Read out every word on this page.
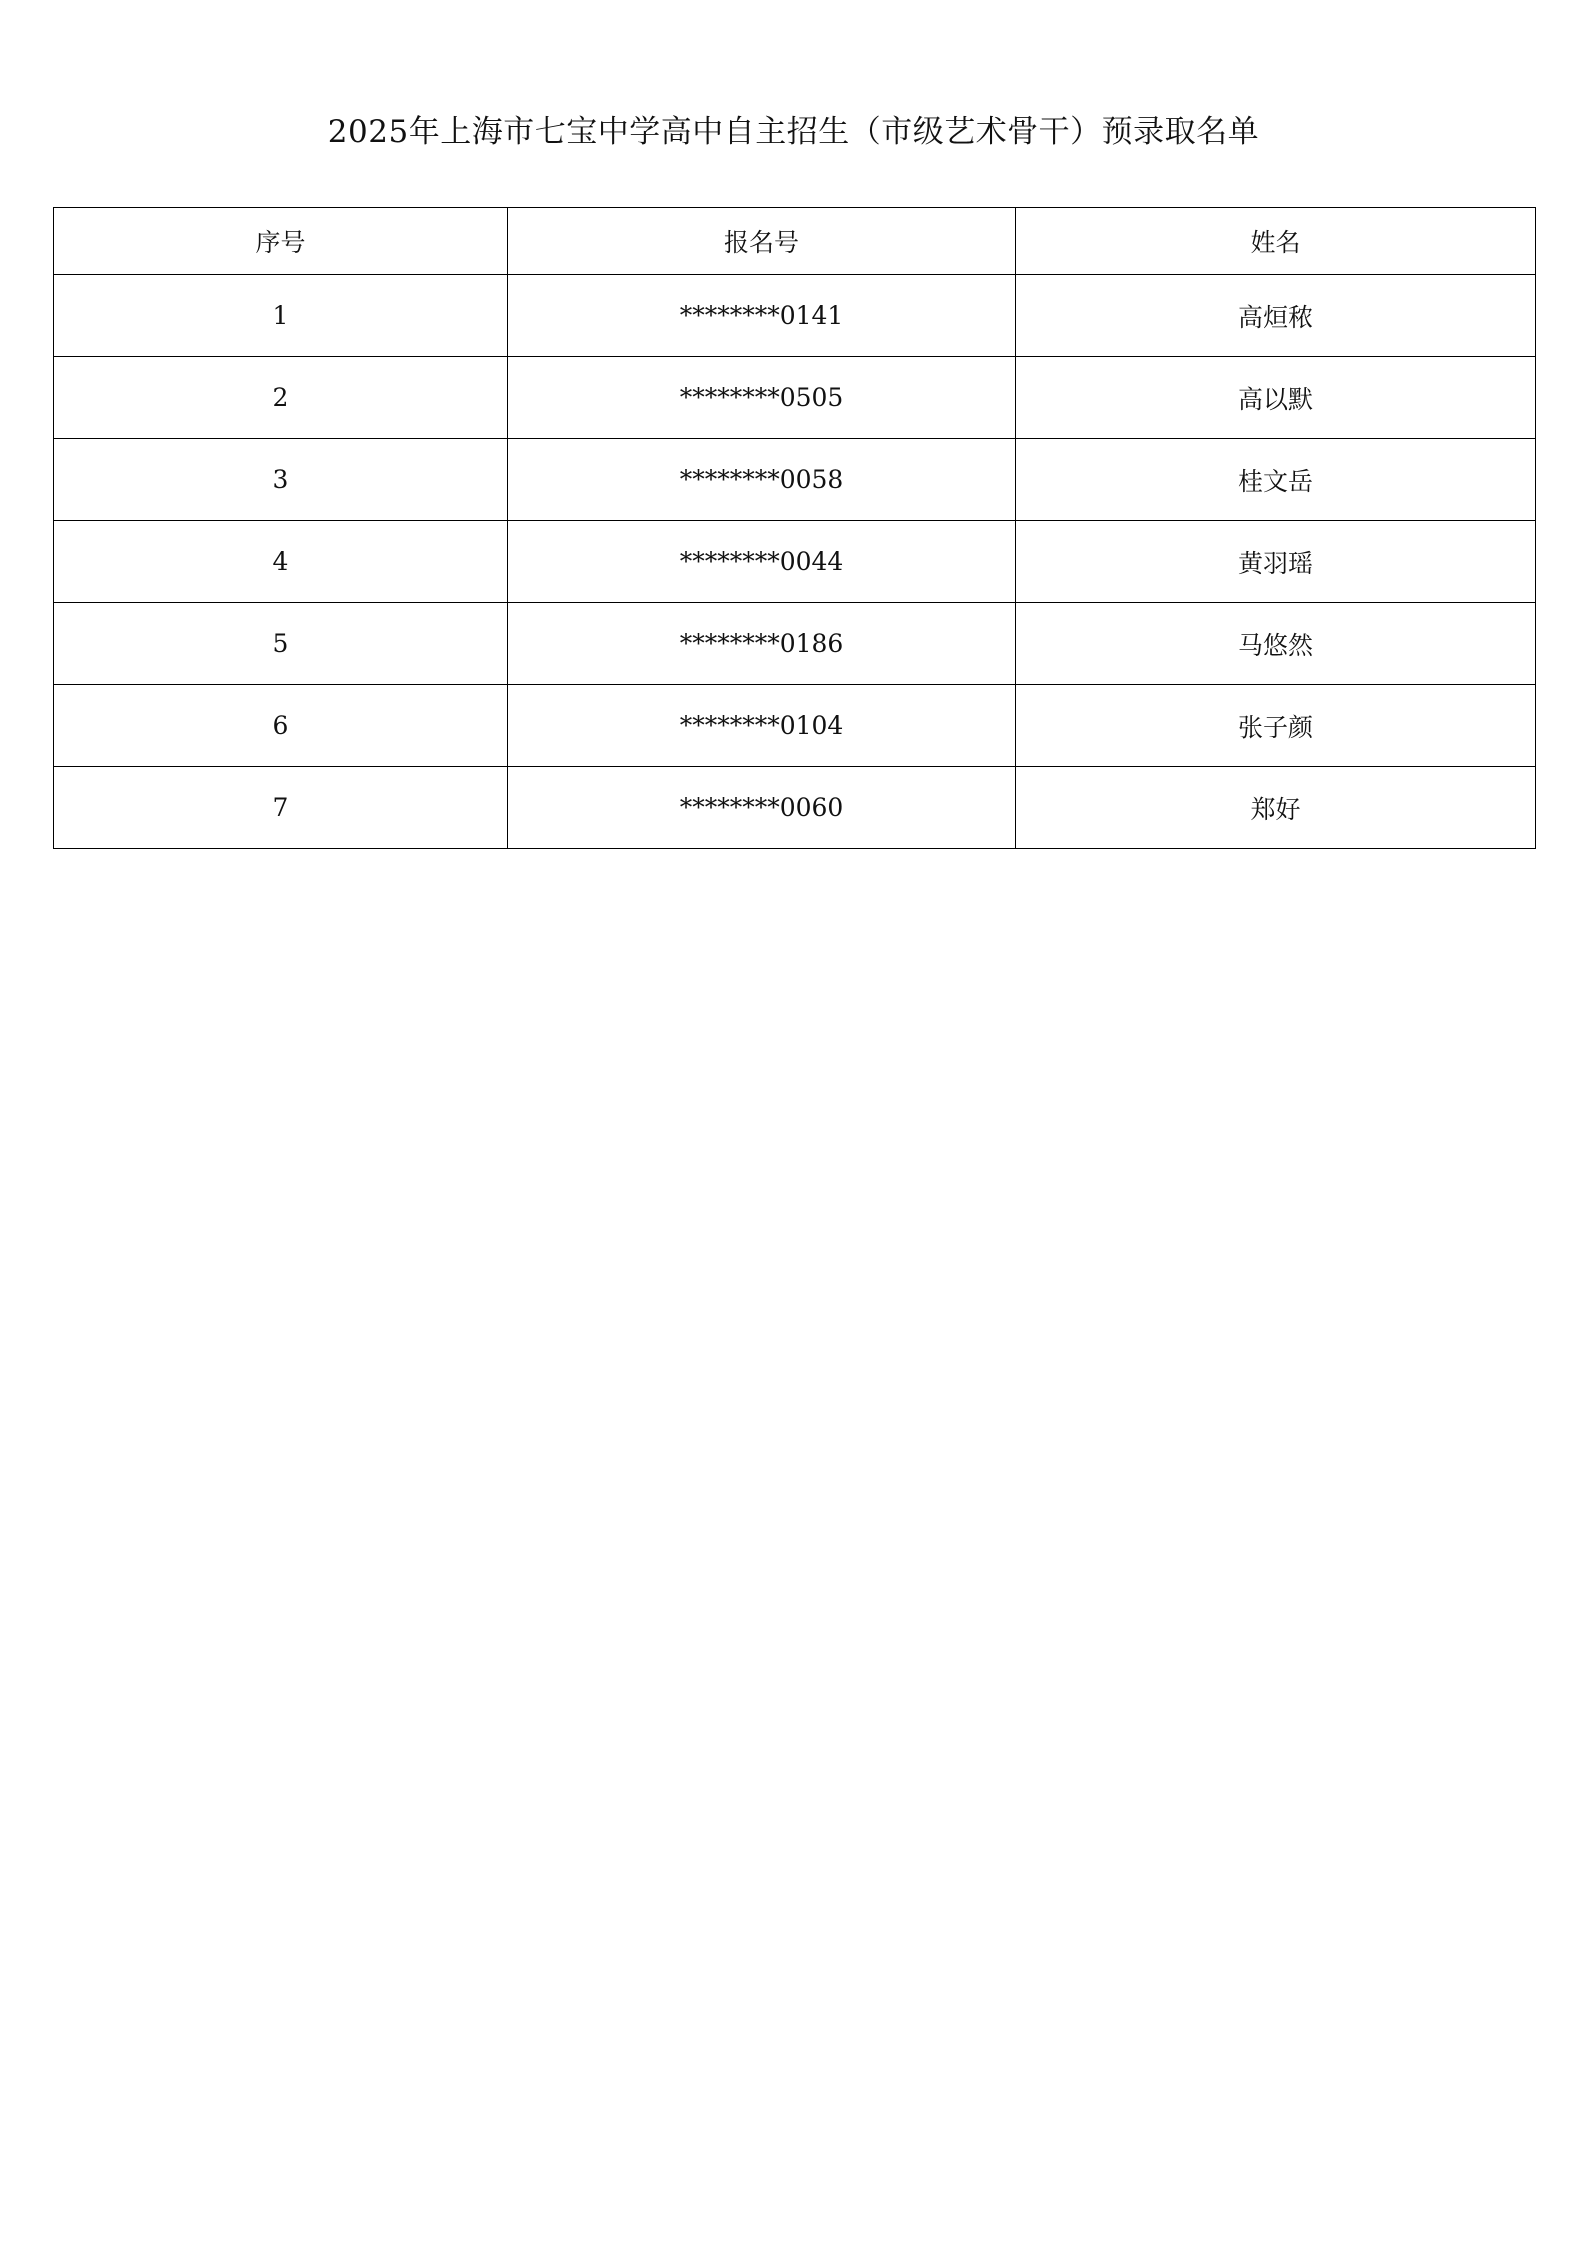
2025年上海市七宝中学高中自主招生（市级艺术骨干）预录取名单
序号	报名号	姓名
1	********0141	高烜秾
2	********0505	高以默
3	********0058	桂文岳
4	********0044	黄羽瑶
5	********0186	马悠然
6	********0104	张子颜
7	********0060	郑好
